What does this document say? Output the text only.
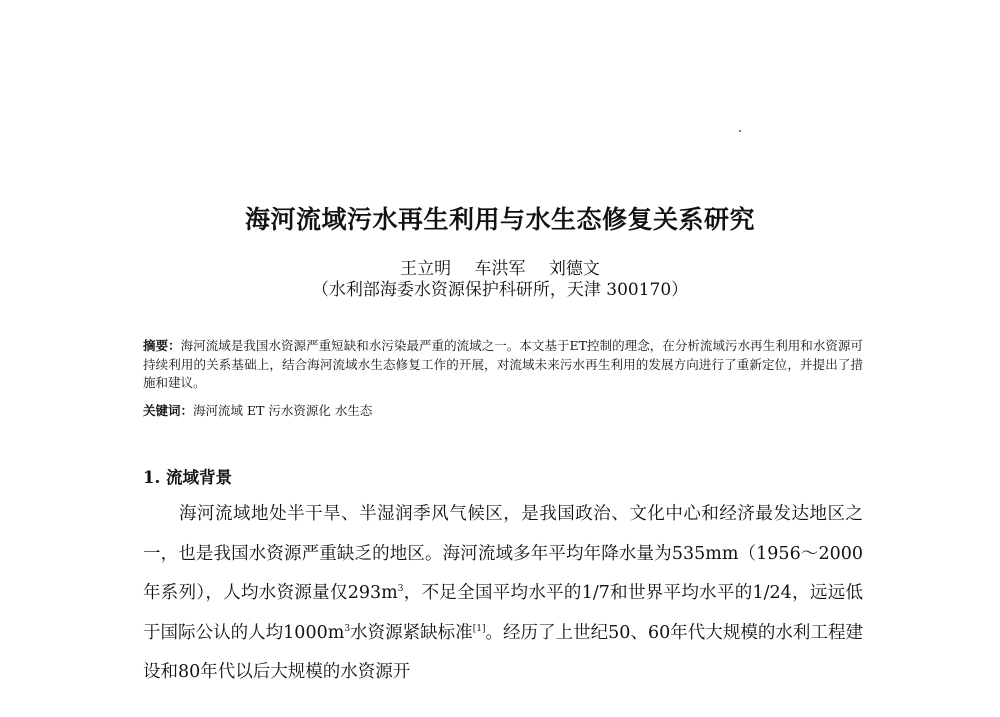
海河流域污水再生利用与水生态修复关系研究
王立明 车洪军 刘德文
（水利部海委水资源保护科研所，天津 300170）

摘要：海河流域是我国水资源严重短缺和水污染最严重的流域之一。本文基于ET控制的理念，在分析流域污水再生利用和水资源可持续利用的关系基础上，结合海河流域水生态修复工作的开展，对流域未来污水再生利用的发展方向进行了重新定位，并提出了措施和建议。

关键词：海河流域 ET 污水资源化 水生态

1. 流域背景

海河流域地处半干旱、半湿润季风气候区，是我国政治、文化中心和经济最发达地区之一，也是我国水资源严重缺乏的地区。海河流域多年平均年降水量为535mm（1956～2000年系列），人均水资源量仅$293m^3$，不足全国平均水平的1/7和世界平均水平的1/24，远远低于国际公认的人均$1000m^3$水资源紧缺标准[1]。经历了上世纪50、60年代大规模的水利工程建设和80年代以后大规模的水资源开
